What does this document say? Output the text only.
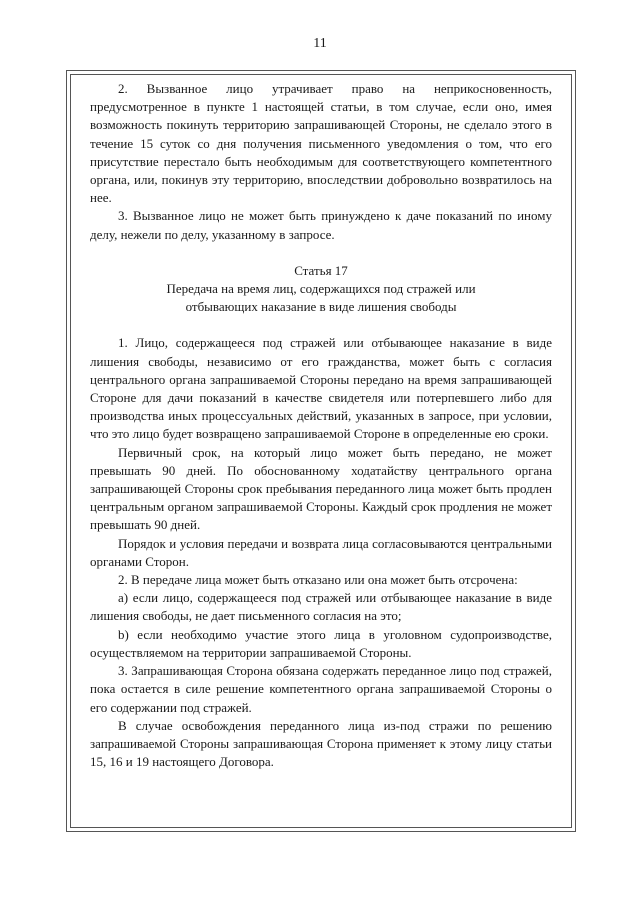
11

2. Вызванное лицо утрачивает право на неприкосновенность, предусмотренное в пункте 1 настоящей статьи, в том случае, если оно, имея возможность покинуть территорию запрашивающей Стороны, не сделало этого в течение 15 суток со дня получения письменного уведомления о том, что его присутствие перестало быть необходимым для соответствующего компетентного органа, или, покинув эту территорию, впоследствии добровольно возвратилось на нее.

3. Вызванное лицо не может быть принуждено к даче показаний по иному делу, нежели по делу, указанному в запросе.

Статья 17

Передача на время лиц, содержащихся под стражей или

отбывающих наказание в виде лишения свободы

1. Лицо, содержащееся под стражей или отбывающее наказание в виде лишения свободы, независимо от его гражданства, может быть с согласия центрального органа запрашиваемой Стороны передано на время запрашивающей Стороне для дачи показаний в качестве свидетеля или потерпевшего либо для производства иных процессуальных действий, указанных в запросе, при условии, что это лицо будет возвращено запрашиваемой Стороне в определенные ею сроки.

Первичный срок, на который лицо может быть передано, не может превышать 90 дней. По обоснованному ходатайству центрального органа запрашивающей Стороны срок пребывания переданного лица может быть продлен центральным органом запрашиваемой Стороны. Каждый срок продления не может превышать 90 дней.

Порядок и условия передачи и возврата лица согласовываются центральными органами Сторон.

2. В передаче лица может быть отказано или она может быть отсрочена:

a) если лицо, содержащееся под стражей или отбывающее наказание в виде лишения свободы, не дает письменного согласия на это;

b) если необходимо участие этого лица в уголовном судопроизводстве, осуществляемом на территории запрашиваемой Стороны.

3. Запрашивающая Сторона обязана содержать переданное лицо под стражей, пока остается в силе решение компетентного органа запрашиваемой Стороны о его содержании под стражей.

В случае освобождения переданного лица из-под стражи по решению запрашиваемой Стороны запрашивающая Сторона применяет к этому лицу статьи 15, 16 и 19 настоящего Договора.
